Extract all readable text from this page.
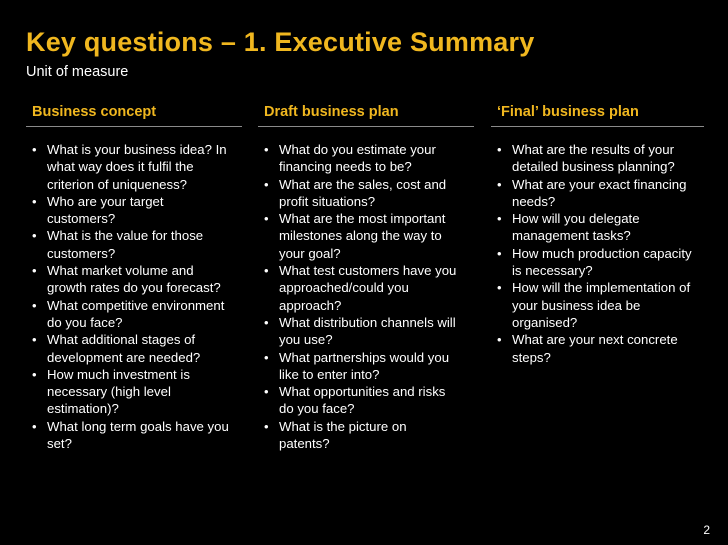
Key questions – 1. Executive Summary
Unit of measure
Business concept
• What is your business idea? In what way does it fulfil the criterion of uniqueness?
• Who are your target customers?
• What is the value for those customers?
• What market volume and growth rates do you forecast?
• What competitive environment do you face?
• What additional stages of development are needed?
• How much investment is necessary (high level estimation)?
• What long term goals have you set?
Draft business plan
• What do you estimate your financing needs to be?
• What are the sales, cost and profit situations?
• What are the most important milestones along the way to your goal?
• What test customers have you approached/could you approach?
• What distribution channels will you use?
• What partnerships would you like to enter into?
• What opportunities and risks do you face?
• What is the picture on patents?
‘Final’ business plan
• What are the results of your detailed business planning?
• What are your exact financing needs?
• How will you delegate management tasks?
• How much production capacity is necessary?
• How will the implementation of your business idea be organised?
• What are your next concrete steps?
2
